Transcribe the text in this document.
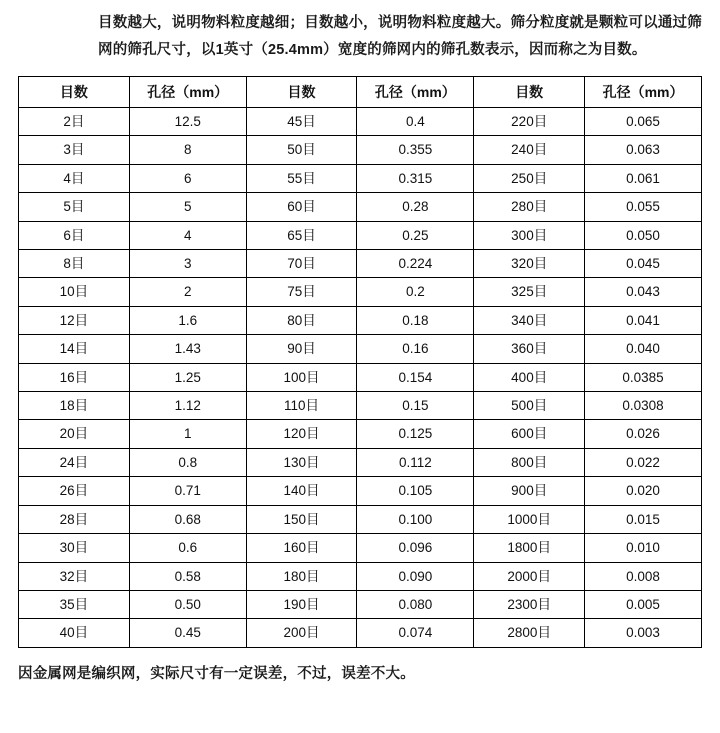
目数越大，说明物料粒度越细；目数越小，说明物料粒度越大。筛分粒度就是颗粒可以通过筛网的筛孔尺寸，以1英寸（25.4mm）宽度的筛网内的筛孔数表示，因而称之为目数。

目数	孔径（mm）	目数	孔径（mm）	目数	孔径（mm）
2目	12.5	45目	0.4	220目	0.065
3目	8	50目	0.355	240目	0.063
4目	6	55目	0.315	250目	0.061
5目	5	60目	0.28	280目	0.055
6目	4	65目	0.25	300目	0.050
8目	3	70目	0.224	320目	0.045
10目	2	75目	0.2	325目	0.043
12目	1.6	80目	0.18	340目	0.041
14目	1.43	90目	0.16	360目	0.040
16目	1.25	100目	0.154	400目	0.0385
18目	1.12	110目	0.15	500目	0.0308
20目	1	120目	0.125	600目	0.026
24目	0.8	130目	0.112	800目	0.022
26目	0.71	140目	0.105	900目	0.020
28目	0.68	150目	0.100	1000目	0.015
30目	0.6	160目	0.096	1800目	0.010
32目	0.58	180目	0.090	2000目	0.008
35目	0.50	190目	0.080	2300目	0.005
40目	0.45	200目	0.074	2800目	0.003
因金属网是编织网，实际尺寸有一定误差，不过，误差不大。
